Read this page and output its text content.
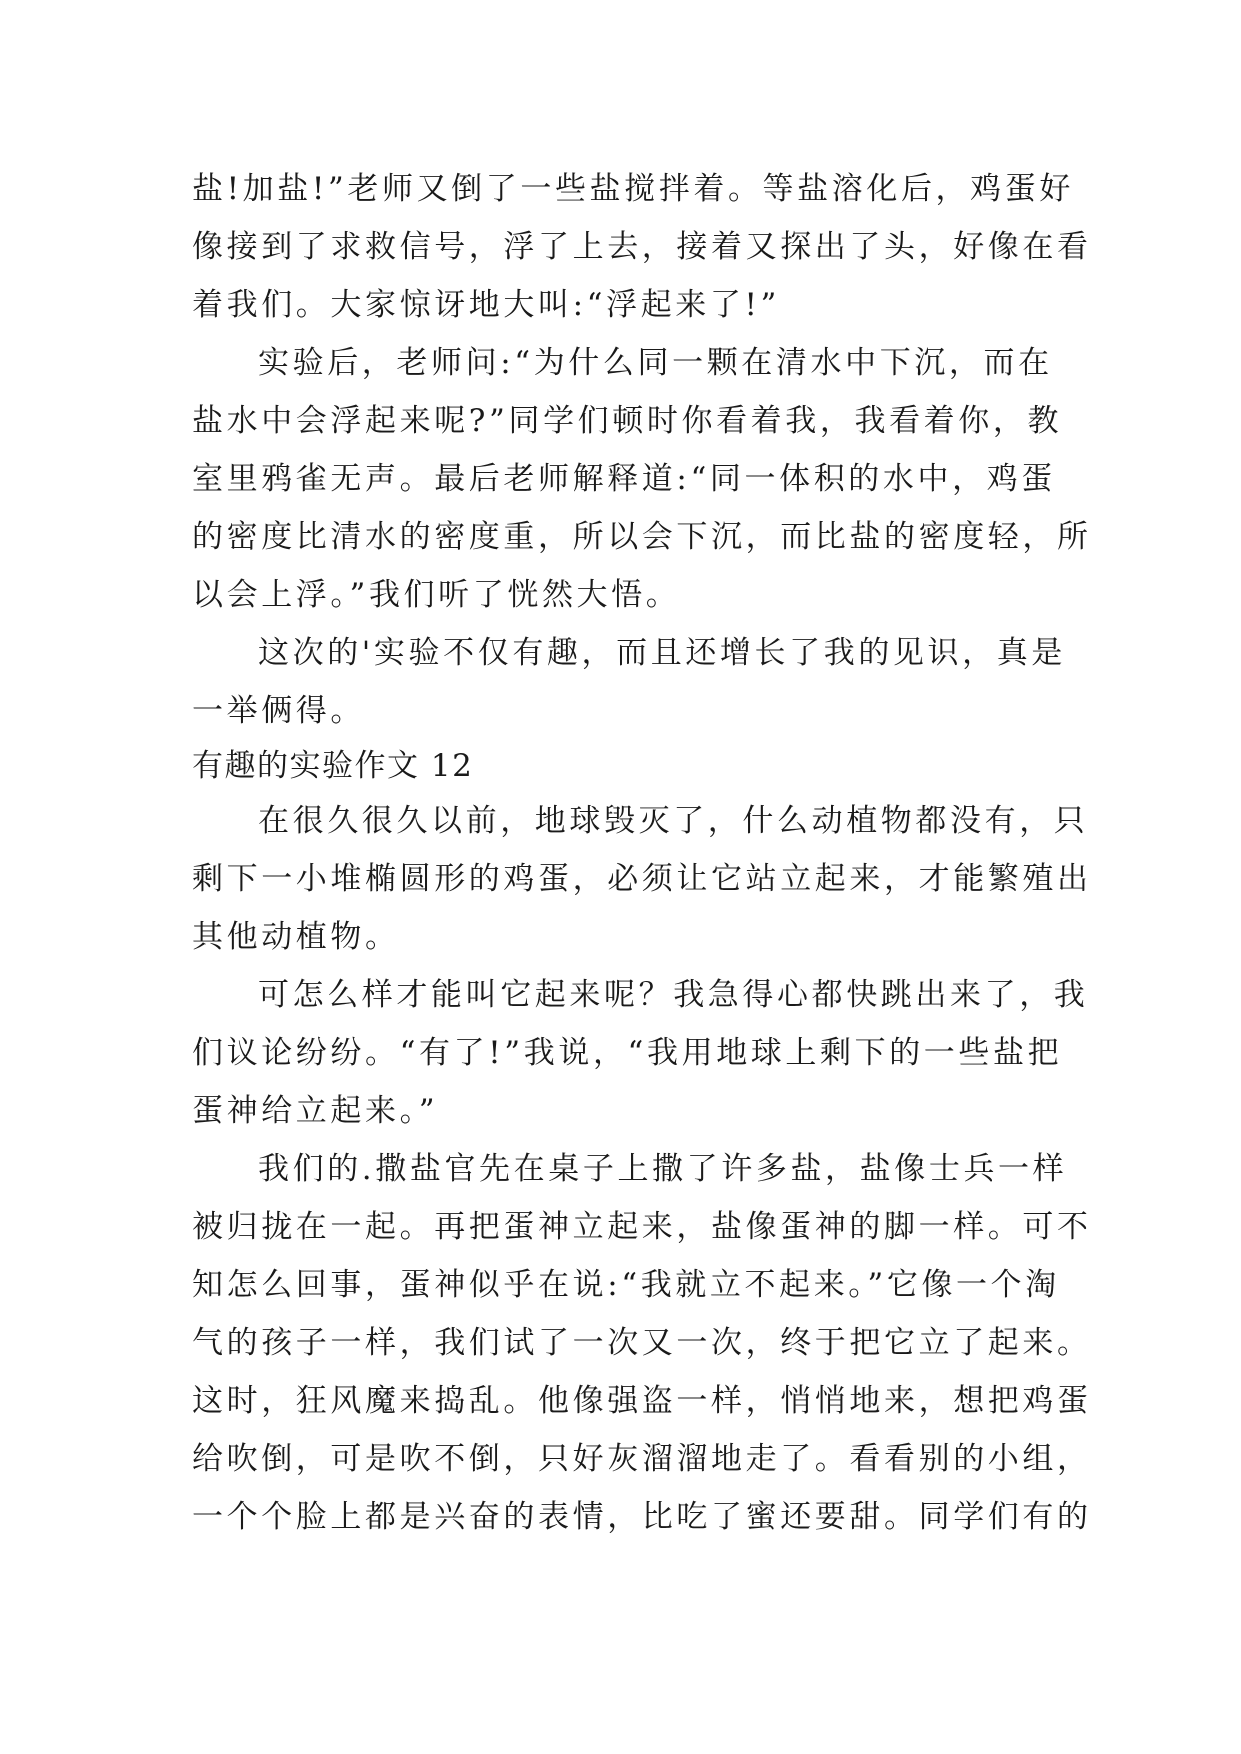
盐!加盐!”老师又倒了一些盐搅拌着。等盐溶化后，鸡蛋好
像接到了求救信号，浮了上去，接着又探出了头，好像在看
着我们。大家惊讶地大叫:“浮起来了!”
实验后，老师问:“为什么同一颗在清水中下沉，而在
盐水中会浮起来呢?”同学们顿时你看着我，我看着你，教
室里鸦雀无声。最后老师解释道:“同一体积的水中，鸡蛋
的密度比清水的密度重，所以会下沉，而比盐的密度轻，所
以会上浮。”我们听了恍然大悟。
这次的'实验不仅有趣，而且还增长了我的见识，真是
一举俩得。
有趣的实验作文 12
在很久很久以前，地球毁灭了，什么动植物都没有，只
剩下一小堆椭圆形的鸡蛋，必须让它站立起来，才能繁殖出
其他动植物。
可怎么样才能叫它起来呢？我急得心都快跳出来了，我
们议论纷纷。“有了!”我说，“我用地球上剩下的一些盐把
蛋神给立起来。”
我们的.撒盐官先在桌子上撒了许多盐，盐像士兵一样
被归拢在一起。再把蛋神立起来，盐像蛋神的脚一样。可不
知怎么回事，蛋神似乎在说:“我就立不起来。”它像一个淘
气的孩子一样，我们试了一次又一次，终于把它立了起来。
这时，狂风魔来捣乱。他像强盗一样，悄悄地来，想把鸡蛋
给吹倒，可是吹不倒，只好灰溜溜地走了。看看别的小组，
一个个脸上都是兴奋的表情，比吃了蜜还要甜。同学们有的
